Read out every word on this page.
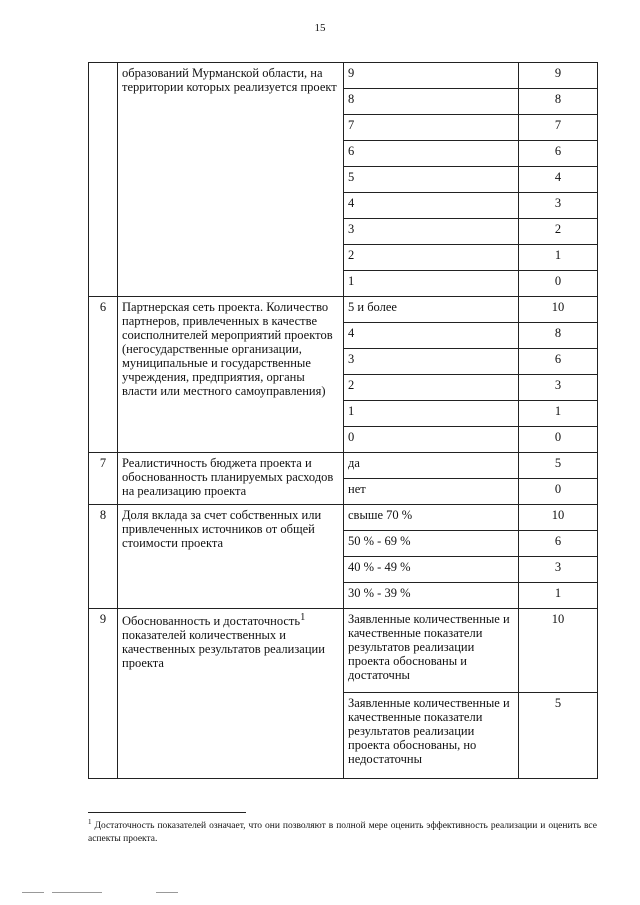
15
	образований Мурманской области, на территории которых реализуется проект	9	9
		8	8
		7	7
		6	6
		5	4
		4	3
		3	2
		2	1
		1	0
6	Партнерская сеть проекта. Количество партнеров, привлеченных в качестве соисполнителей мероприятий проектов (негосударственные организации, муниципальные и государственные учреждения, предприятия, органы власти или местного самоуправления)	5 и более	10
		4	8
		3	6
		2	3
		1	1
		0	0
7	Реалистичность бюджета проекта и обоснованность планируемых расходов на реализацию проекта	да	5
		нет	0
8	Доля вклада за счет собственных или привлеченных источников от общей стоимости проекта	свыше 70 %	10
		50 % - 69 %	6
		40 % - 49 %	3
		30 % - 39 %	1
9	Обоснованность и достаточность$^1$ показателей количественных и качественных результатов реализации проекта	Заявленные количественные и качественные показатели результатов реализации проекта обоснованы и достаточны	10
		Заявленные количественные и качественные показатели результатов реализации проекта обоснованы, но недостаточны	5
$^1$ Достаточность показателей означает, что они позволяют в полной мере оценить эффективность реализации и оценить все аспекты проекта.
